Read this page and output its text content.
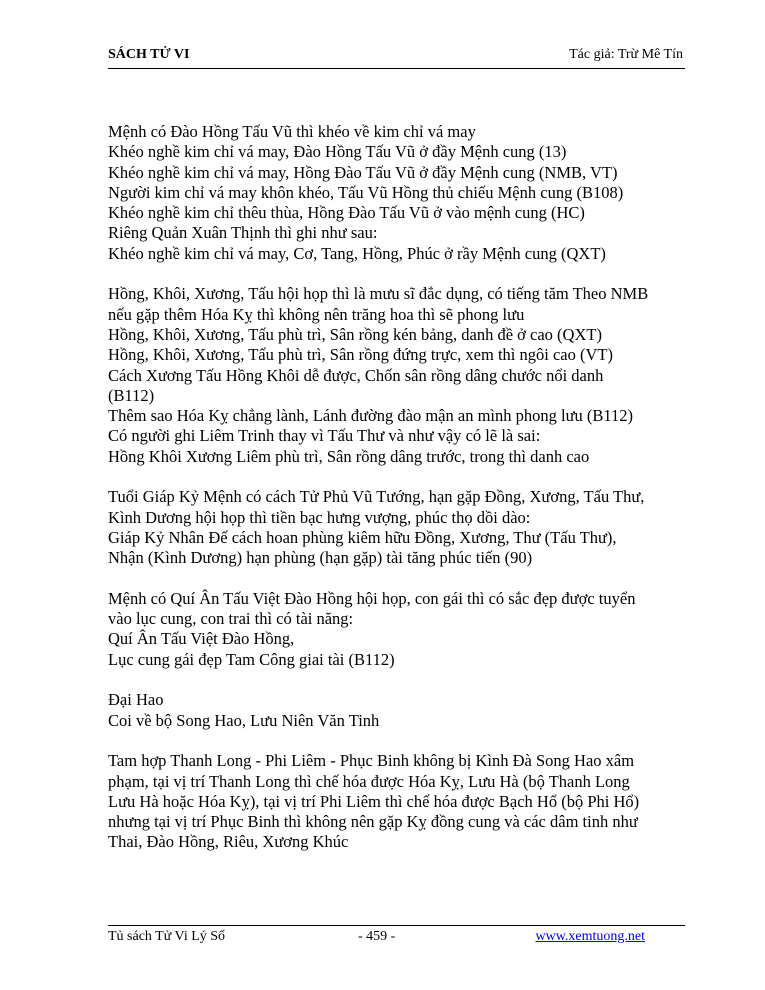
SÁCH TỬ VI	Tác giả: Trừ Mê Tín
Mệnh có Đào Hồng Tấu Vũ thì khéo về kim chỉ vá may
Khéo nghề kim chỉ vá may, Đào Hồng Tấu Vũ ở đầy Mệnh cung (13)
Khéo nghề kim chỉ vá may, Hồng Đào Tấu Vũ ở đầy Mệnh cung (NMB, VT)
Người kim chỉ vá may khôn khéo, Tấu Vũ Hồng thủ chiếu Mệnh cung (B108)
Khéo nghề kim chỉ thêu thùa, Hồng Đào Tấu Vũ ở vào mệnh cung (HC)
Riêng Quản Xuân Thịnh thì ghi như sau:
Khéo nghề kim chỉ vá may, Cơ, Tang, Hồng, Phúc ở rầy Mệnh cung (QXT)
Hồng, Khôi, Xương, Tấu hội họp thì là mưu sĩ đắc dụng, có tiếng tăm Theo NMB
nếu gặp thêm Hóa Kỵ thì không nên trăng hoa thì sẽ phong lưu
Hồng, Khôi, Xương, Tấu phù trì, Sân rồng kén bảng, danh đề ở cao (QXT)
Hồng, Khôi, Xương, Tấu phù trì, Sân rồng đứng trực, xem thì ngôi cao (VT)
Cách Xương Tấu Hồng Khôi dễ được, Chốn sân rồng dâng chước nổi danh
(B112)
Thêm sao Hóa Kỵ chẳng lành, Lánh đường đào mận an mình phong lưu (B112)
Có người ghi Liêm Trinh thay vì Tấu Thư và như vậy có lẽ là sai:
Hồng Khôi Xương Liêm phù trì, Sân rồng dâng trước, trong thì danh cao
Tuổi Giáp Kỷ Mệnh có cách Tử Phủ Vũ Tướng, hạn gặp Đồng, Xương, Tấu Thư,
Kình Dương hội họp thì tiền bạc hưng vượng, phúc thọ dồi dào:
Giáp Kỷ Nhân Đế cách hoan phùng kiêm hữu Đồng, Xương, Thư (Tấu Thư),
Nhận (Kình Dương) hạn phùng (hạn gặp) tài tăng phúc tiến (90)
Mệnh có Quí Ân Tấu Việt Đào Hồng hội họp, con gái thì có sắc đẹp được tuyển
vào lục cung, con trai thì có tài năng:
Quí Ân Tấu Việt Đào Hồng,
Lục cung gái đẹp Tam Công giai tài (B112)
Đại Hao
Coi về bộ Song Hao, Lưu Niên Văn Tinh
Tam hợp Thanh Long - Phi Liêm - Phục Binh không bị Kình Đà Song Hao xâm
phạm, tại vị trí Thanh Long thì chế hóa được Hóa Kỵ, Lưu Hà (bộ Thanh Long
Lưu Hà hoặc Hóa Kỵ), tại vị trí Phi Liêm thì chế hóa được Bạch Hổ (bộ Phi Hổ)
nhưng tại vị trí Phục Binh thì không nên gặp Kỵ đồng cung và các dâm tinh như
Thai, Đào Hồng, Riêu, Xương Khúc
Tủ sách Tử Vi Lý Số	- 459 -	www.xemtuong.net
